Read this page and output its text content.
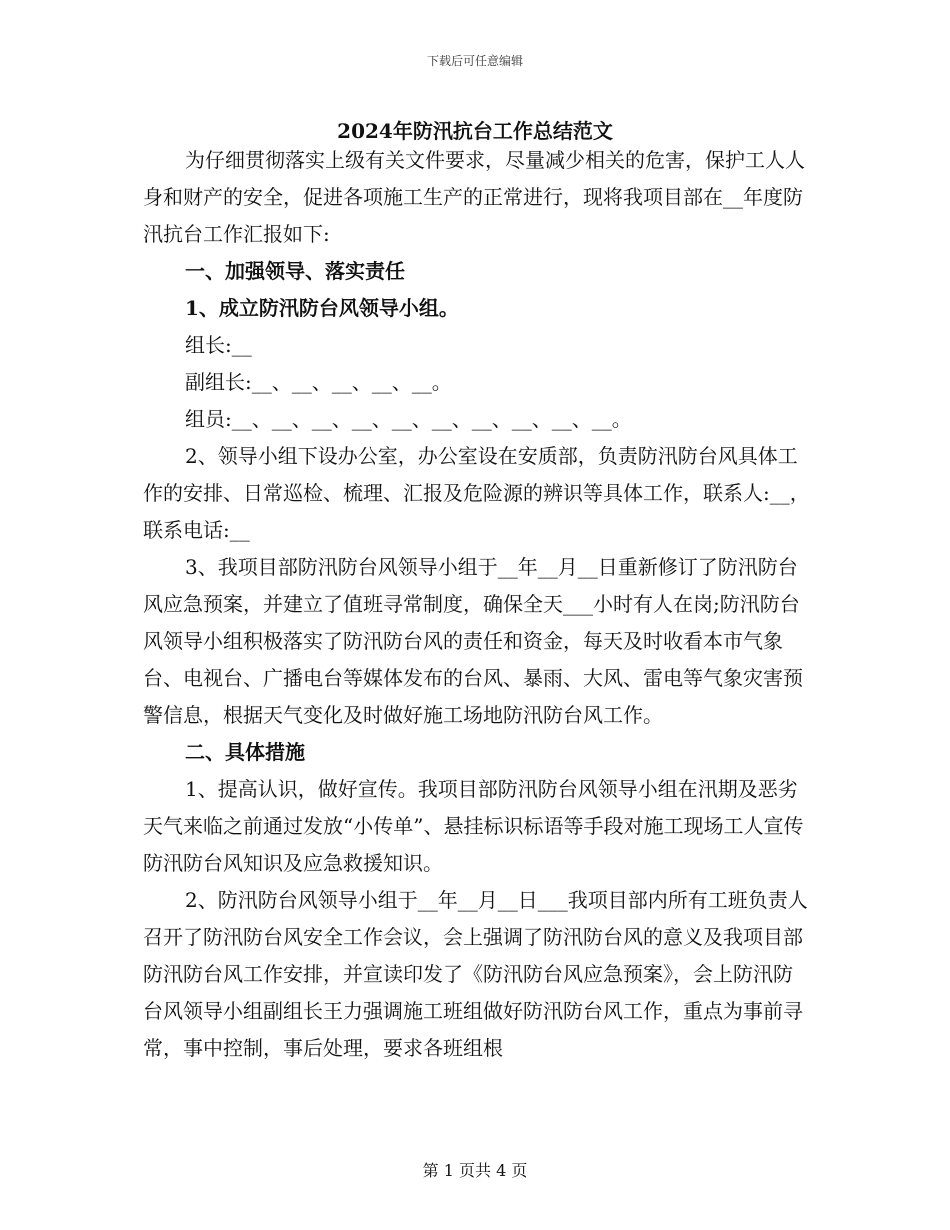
下载后可任意编辑
2024年防汛抗台工作总结范文

为仔细贯彻落实上级有关文件要求，尽量减少相关的危害，保护工人人身和财产的安全，促进各项施工生产的正常进行，现将我项目部在__年度防汛抗台工作汇报如下:

一、加强领导、落实责任

1、成立防汛防台风领导小组。

组长:__

副组长:__、__、__、__、__。

组员:__、__、__、__、__、__、__、__、__、__。

2、领导小组下设办公室，办公室设在安质部，负责防汛防台风具体工作的安排、日常巡检、梳理、汇报及危险源的辨识等具体工作，联系人:__，联系电话:__

3、我项目部防汛防台风领导小组于__年__月__日重新修订了防汛防台风应急预案，并建立了值班寻常制度，确保全天___小时有人在岗;防汛防台风领导小组积极落实了防汛防台风的责任和资金，每天及时收看本市气象台、电视台、广播电台等媒体发布的台风、暴雨、大风、雷电等气象灾害预警信息，根据天气变化及时做好施工场地防汛防台风工作。

二、具体措施

1、提高认识，做好宣传。我项目部防汛防台风领导小组在汛期及恶劣天气来临之前通过发放“小传单”、悬挂标识标语等手段对施工现场工人宣传防汛防台风知识及应急救援知识。

2、防汛防台风领导小组于__年__月__日___我项目部内所有工班负责人召开了防汛防台风安全工作会议，会上强调了防汛防台风的意义及我项目部防汛防台风工作安排，并宣读印发了《防汛防台风应急预案》，会上防汛防台风领导小组副组长王力强调施工班组做好防汛防台风工作，重点为事前寻常，事中控制，事后处理，要求各班组根

第 1 页共 4 页
